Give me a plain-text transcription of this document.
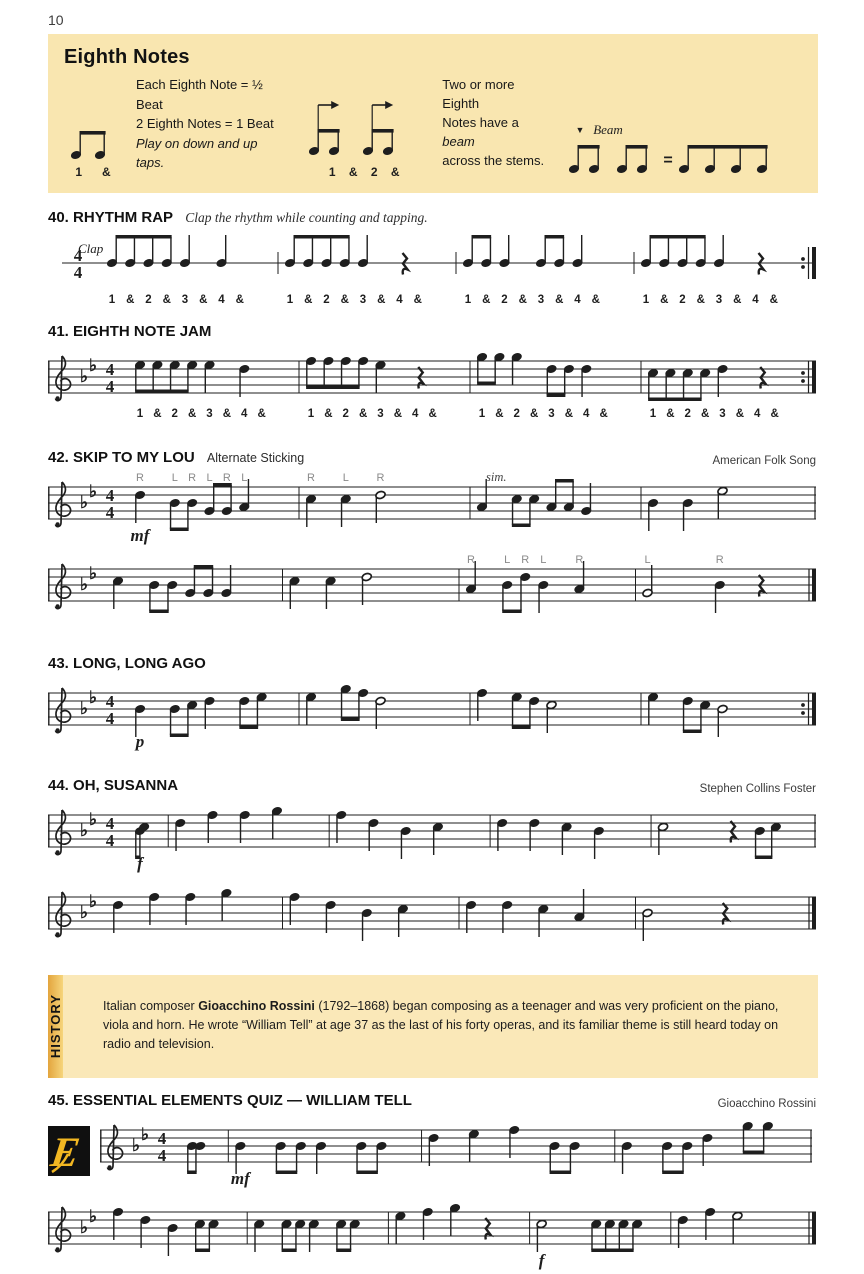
10
Eighth Notes
1      &
Each Eighth Note = ½ Beat
2 Eighth Notes = 1 Beat
Play on down and up taps.
1    &    2    &
Two or more Eighth
Notes have a beam
across the stems.
▼ Beam
=
40. RHYTHM RAP Clap the rhythm while counting and tapping.
4
4
Clap
1 & 2 & 3 & 4 &	1 & 2 & 3 & 4 &	1 & 2 & 3 & 4 &	1 & 2 & 3 & 4 &
41. EIGHTH NOTE JAM
♭
♭ 4
4
1 & 2 & 3 & 4 &	1 & 2 & 3 & 4 &	1 & 2 & 3 & 4 &	1 & 2 & 3 & 4 &
42. SKIP TO MY LOU Alternate Sticking	American Folk Song
♭
♭ 4
4
R	L R L R L	R	L	R	sim.
mf
♭
♭
R	L R L	R	L	R
43. LONG, LONG AGO
♭
♭ 4
4
p
44. OH, SUSANNA	Stephen Collins Foster
♭
♭ 4
4
f
♭
♭
HISTORY	Italian composer Gioacchino Rossini (1792–1868) began composing as a teenager and was very proficient on the piano, viola and horn. He wrote “William Tell” at age 37 as the last of his forty operas, and its familiar theme is still heard today on radio and television.

45. ESSENTIAL ELEMENTS QUIZ — WILLIAM TELL	Gioacchino Rossini
E	♭
♭ 4
4
mf
♭
♭
f
